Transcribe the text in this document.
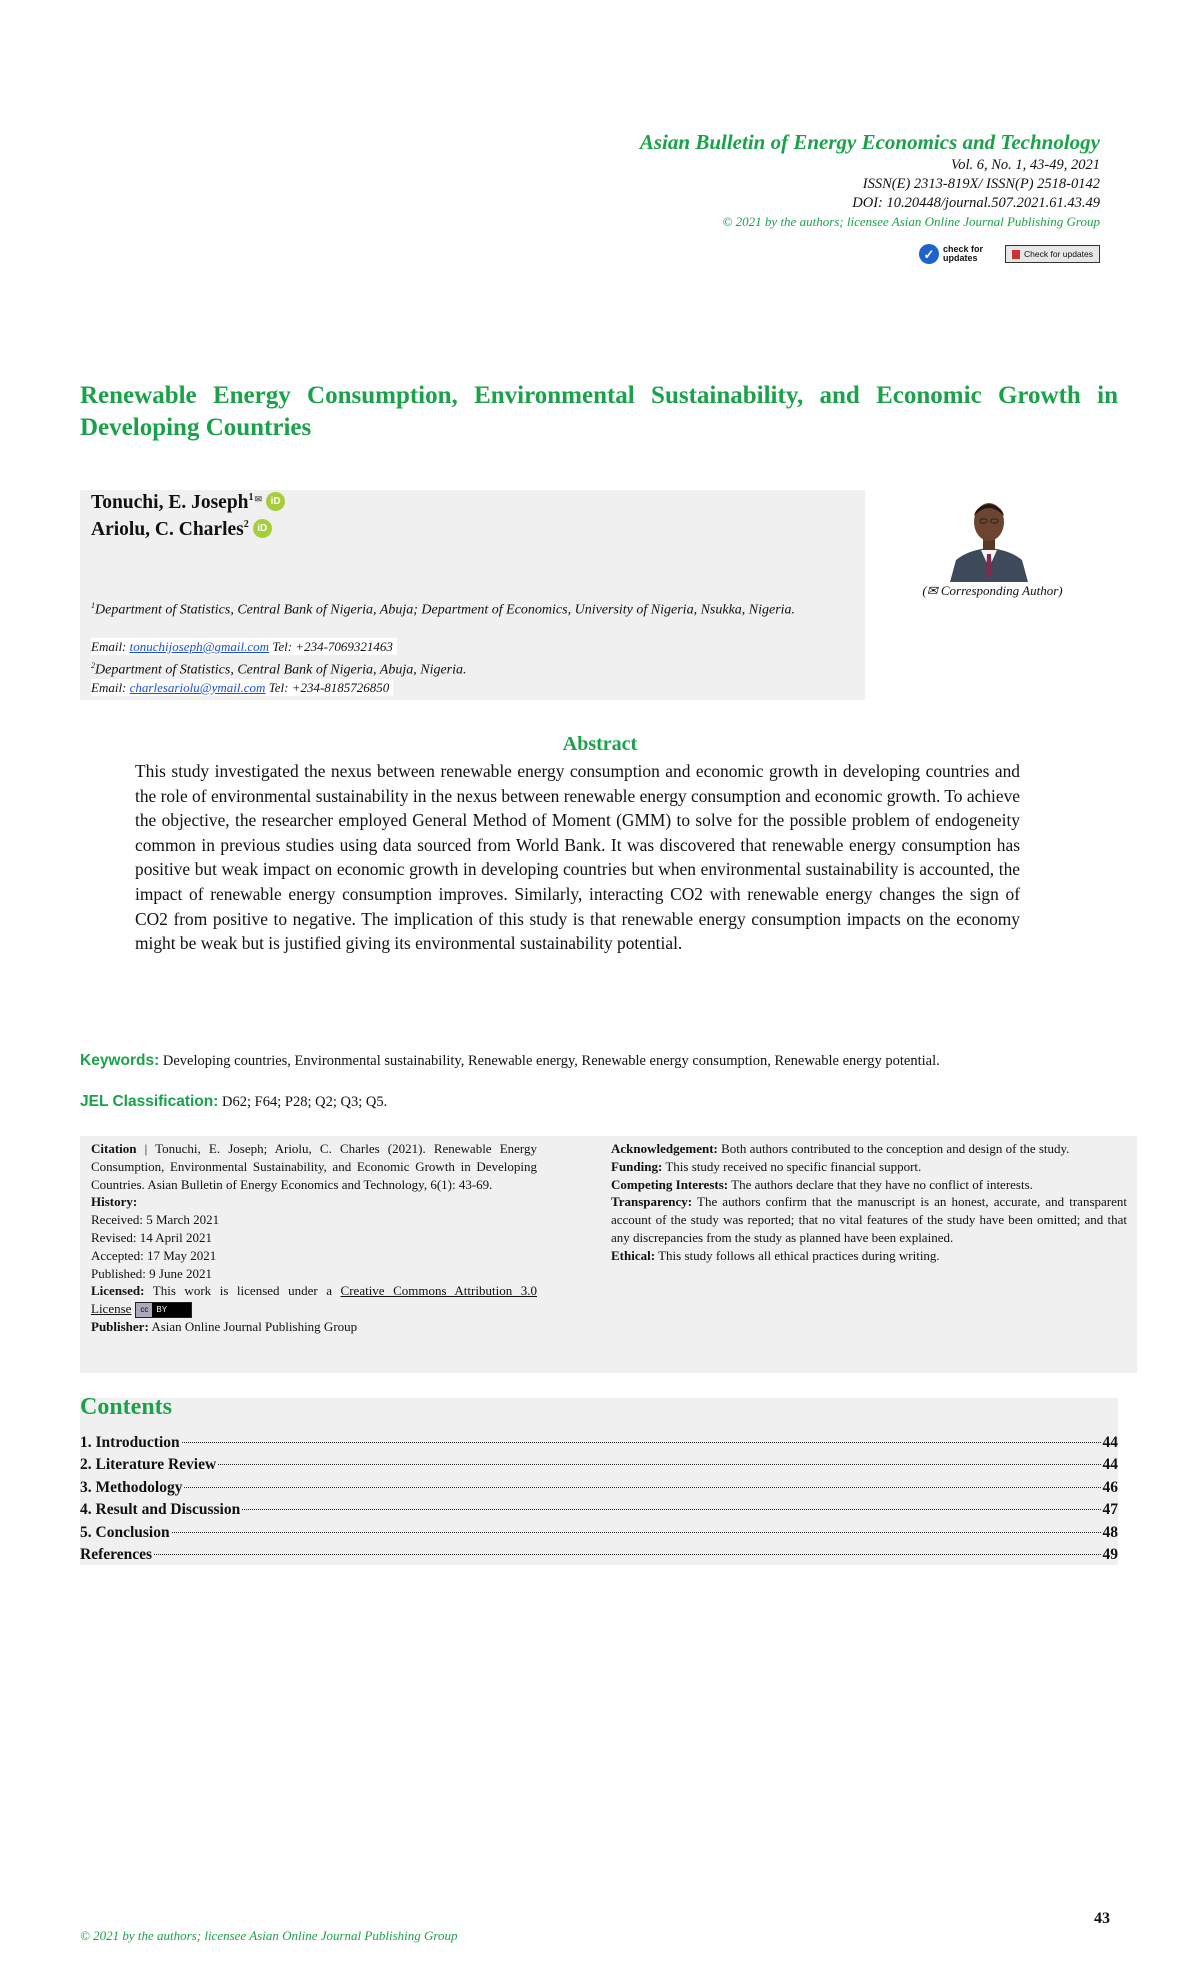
Asian Bulletin of Energy Economics and Technology
Vol. 6, No. 1, 43-49, 2021
ISSN(E) 2313-819X/ ISSN(P) 2518-0142
DOI: 10.20448/journal.507.2021.61.43.49
© 2021 by the authors; licensee Asian Online Journal Publishing Group
✓ check for
updates	Check for updates
Renewable Energy Consumption, Environmental Sustainability, and Economic Growth in Developing Countries
Tonuchi, E. Joseph$^1$ ✉ iD
Ariolu, C. Charles$^2$ iD
$^1$Department of Statistics, Central Bank of Nigeria, Abuja; Department of Economics, University of Nigeria, Nsukka, Nigeria.
Email: tonuchijoseph@gmail.com Tel: +234-7069321463
$^2$Department of Statistics, Central Bank of Nigeria, Abuja, Nigeria.
Email: charlesariolu@ymail.com Tel: +234-8185726850
(✉ Corresponding Author)
Abstract
This study investigated the nexus between renewable energy consumption and economic growth in developing countries and the role of environmental sustainability in the nexus between renewable energy consumption and economic growth. To achieve the objective, the researcher employed General Method of Moment (GMM) to solve for the possible problem of endogeneity common in previous studies using data sourced from World Bank. It was discovered that renewable energy consumption has positive but weak impact on economic growth in developing countries but when environmental sustainability is accounted, the impact of renewable energy consumption improves. Similarly, interacting CO2 with renewable energy changes the sign of CO2 from positive to negative. The implication of this study is that renewable energy consumption impacts on the economy might be weak but is justified giving its environmental sustainability potential.
Keywords: Developing countries, Environmental sustainability, Renewable energy, Renewable energy consumption, Renewable energy potential.
JEL Classification: D62; F64; P28; Q2; Q3; Q5.
Citation | Tonuchi, E. Joseph; Ariolu, C. Charles (2021). Renewable Energy Consumption, Environmental Sustainability, and Economic Growth in Developing Countries. Asian Bulletin of Energy Economics and Technology, 6(1): 43-69.
History:
Received: 5 March 2021
Revised: 14 April 2021
Accepted: 17 May 2021
Published: 9 June 2021
Licensed: This work is licensed under a Creative Commons Attribution 3.0 License	cc	BY
Publisher: Asian Online Journal Publishing Group
Acknowledgement: Both authors contributed to the conception and design of the study.
Funding: This study received no specific financial support.
Competing Interests: The authors declare that they have no conflict of interests.
Transparency: The authors confirm that the manuscript is an honest, accurate, and transparent account of the study was reported; that no vital features of the study have been omitted; and that any discrepancies from the study as planned have been explained.
Ethical: This study follows all ethical practices during writing.
Contents
1. Introduction	44
2. Literature Review	44
3. Methodology	46
4. Result and Discussion	47
5. Conclusion	48
References	49
43
© 2021 by the authors; licensee Asian Online Journal Publishing Group
